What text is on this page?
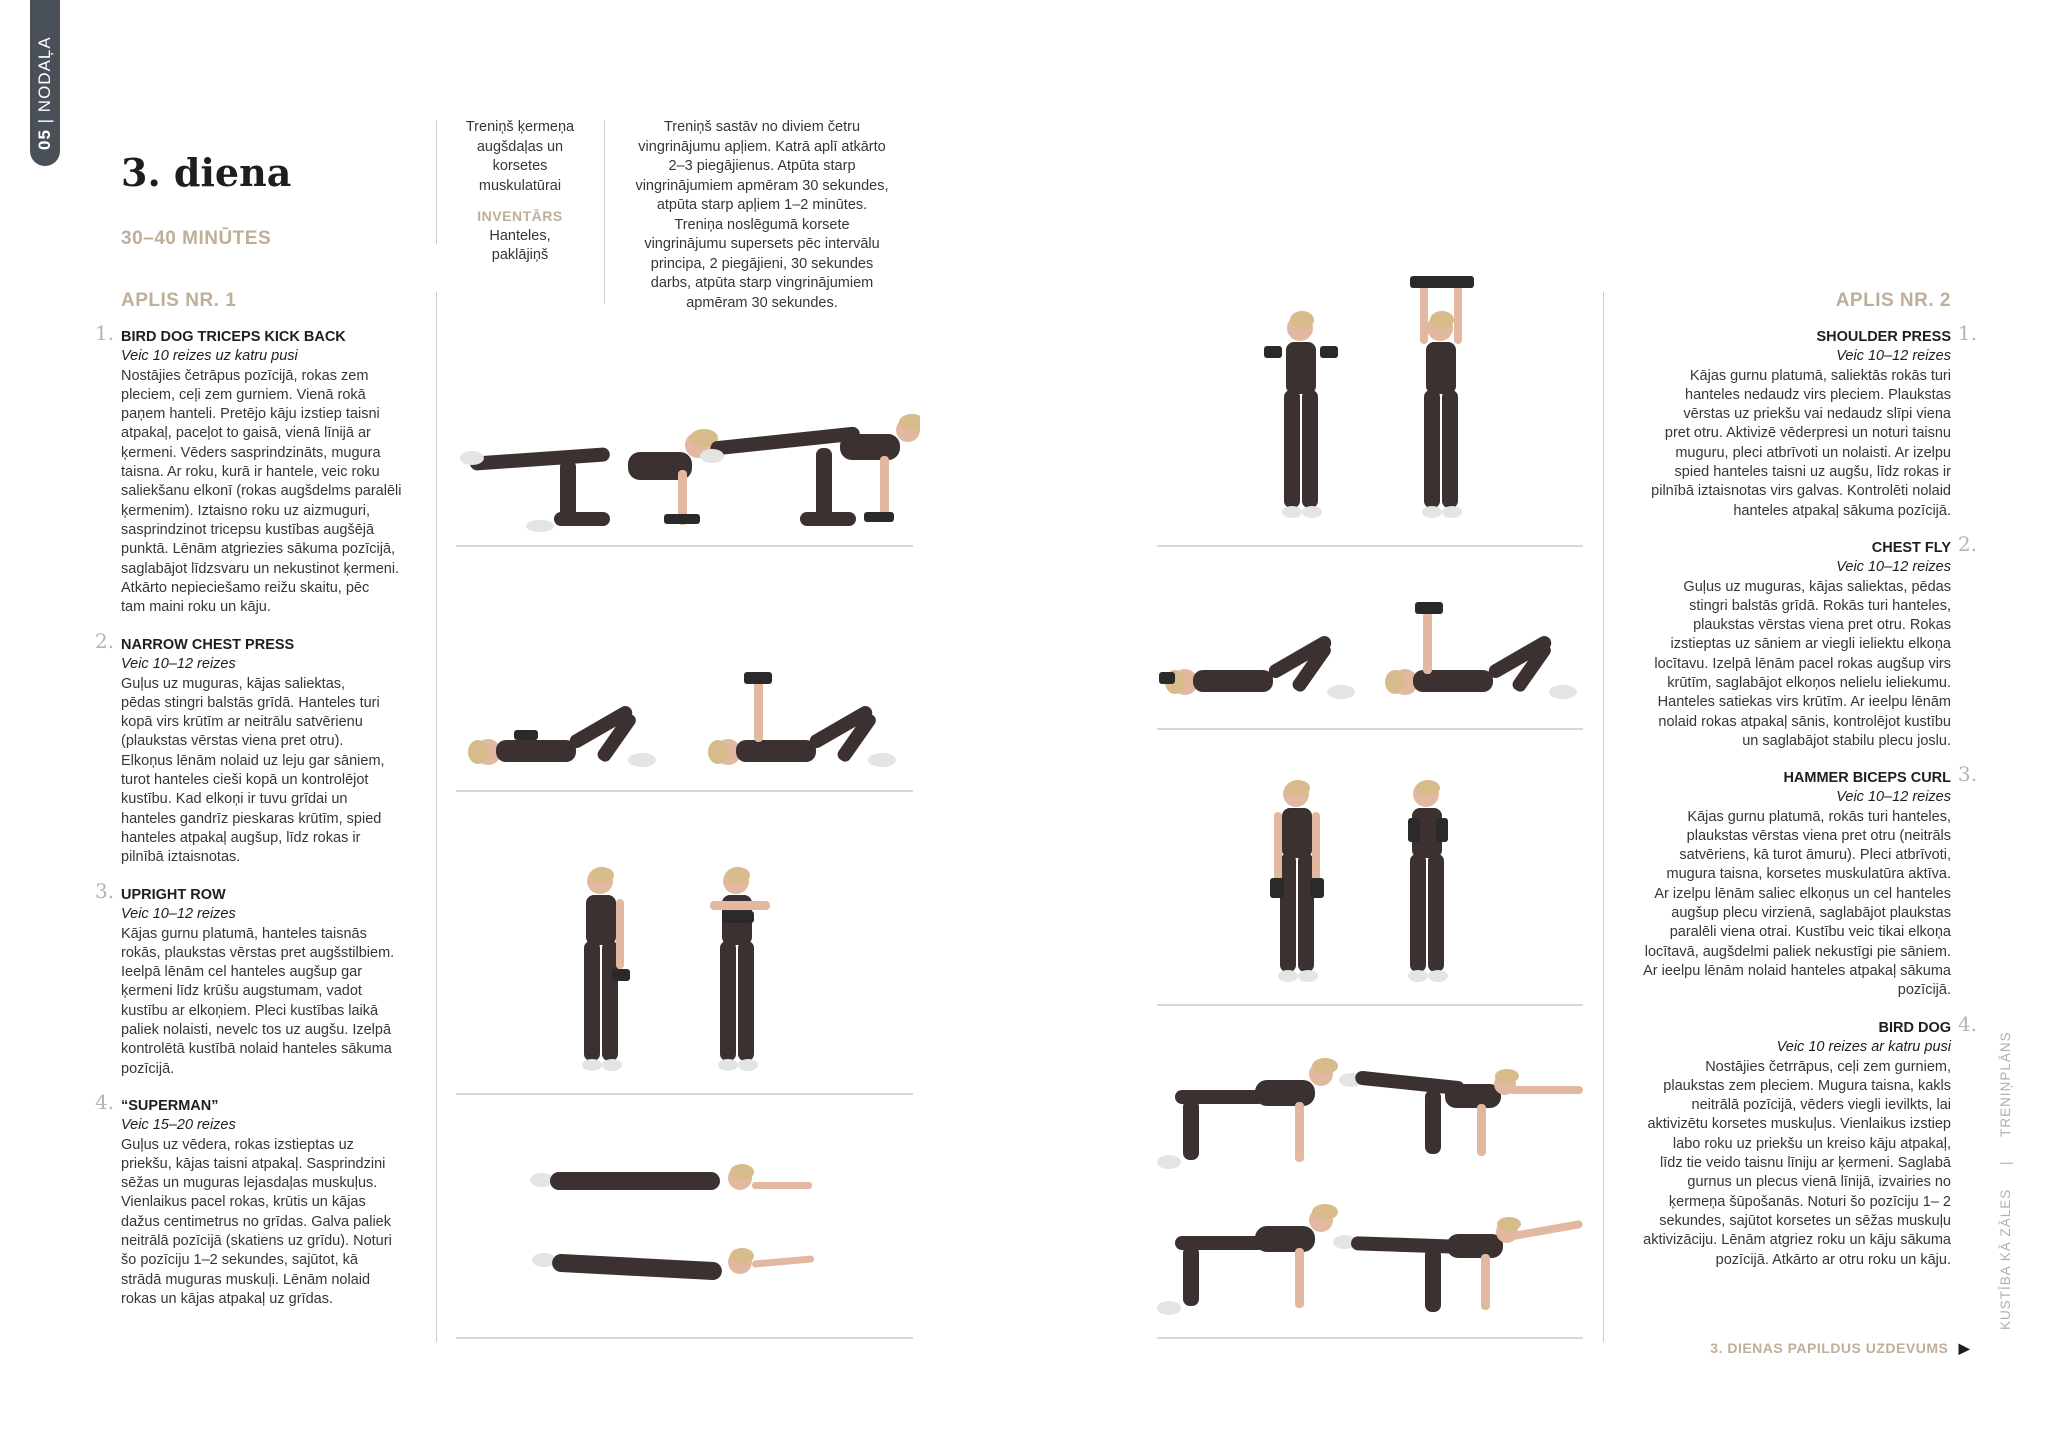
05 | NODAĻA
3. diena
30–40 MINŪTES
Treniņš ķermeņa
augšdaļas un
korsetes
muskulatūrai
INVENTĀRS
Hanteles,
paklājiņš
Treniņš sastāv no diviem četru
vingrinājumu apļiem. Katrā aplī atkārto
2–3 piegājienus. Atpūta starp
vingrinājumiem apmēram 30 sekundes,
atpūta starp apļiem 1–2 minūtes.
Treniņa noslēgumā korsete
vingrinājumu supersets pēc intervālu
principa, 2 piegājieni, 30 sekundes
darbs, atpūta starp vingrinājumiem
apmēram 30 sekundes.
APLIS NR. 1	APLIS NR. 2
1. BIRD DOG TRICEPS KICK BACK
Veic 10 reizes uz katru pusi
Nostājies četrāpus pozīcijā, rokas zem
pleciem, ceļi zem gurniem. Vienā rokā
paņem hanteli. Pretējo kāju izstiep taisni
atpakaļ, paceļot to gaisā, vienā līnijā ar
ķermeni. Vēders sasprindzināts, mugura
taisna. Ar roku, kurā ir hantele, veic roku
saliekšanu elkonī (rokas augšdelms paralēli
ķermenim). Iztaisno roku uz aizmuguri,
sasprindzinot tricepsu kustības augšējā
punktā. Lēnām atgriezies sākuma pozīcijā,
saglabājot līdzsvaru un nekustinot ķermeni.
Atkārto nepieciešamo reižu skaitu, pēc
tam maini roku un kāju.
2. NARROW CHEST PRESS
Veic 10–12 reizes
Guļus uz muguras, kājas saliektas,
pēdas stingri balstās grīdā. Hanteles turi
kopā virs krūtīm ar neitrālu satvērienu
(plaukstas vērstas viena pret otru).
Elkoņus lēnām nolaid uz leju gar sāniem,
turot hanteles cieši kopā un kontrolējot
kustību. Kad elkoņi ir tuvu grīdai un
hanteles gandrīz pieskaras krūtīm, spied
hanteles atpakaļ augšup, līdz rokas ir
pilnībā iztaisnotas.
3. UPRIGHT ROW
Veic 10–12 reizes
Kājas gurnu platumā, hanteles taisnās
rokās, plaukstas vērstas pret augšstilbiem.
Ieelpā lēnām cel hanteles augšup gar
ķermeni līdz krūšu augstumam, vadot
kustību ar elkoņiem. Pleci kustības laikā
paliek nolaisti, nevelc tos uz augšu. Izelpā
kontrolētā kustībā nolaid hanteles sākuma
pozīcijā.
4. “SUPERMAN”
Veic 15–20 reizes
Guļus uz vēdera, rokas izstieptas uz
priekšu, kājas taisni atpakaļ. Sasprindzini
sēžas un muguras lejasdaļas muskuļus.
Vienlaikus pacel rokas, krūtis un kājas
dažus centimetrus no grīdas. Galva paliek
neitrālā pozīcijā (skatiens uz grīdu). Noturi
šo pozīciju 1–2 sekundes, sajūtot, kā
strādā muguras muskuļi. Lēnām nolaid
rokas un kājas atpakaļ uz grīdas.
1.
SHOULDER PRESS
Veic 10–12 reizes
Kājas gurnu platumā, saliektās rokās turi
hanteles nedaudz virs pleciem. Plaukstas
vērstas uz priekšu vai nedaudz slīpi viena
pret otru. Aktivizē vēderpresi un noturi taisnu
muguru, pleci atbrīvoti un nolaisti. Ar izelpu
spied hanteles taisni uz augšu, līdz rokas ir
pilnībā iztaisnotas virs galvas. Kontrolēti nolaid
hanteles atpakaļ sākuma pozīcijā.
2.
CHEST FLY
Veic 10–12 reizes
Guļus uz muguras, kājas saliektas, pēdas
stingri balstās grīdā. Rokās turi hanteles,
plaukstas vērstas viena pret otru. Rokas
izstieptas uz sāniem ar viegli ieliektu elkoņa
locītavu. Izelpā lēnām pacel rokas augšup virs
krūtīm, saglabājot elkoņos nelielu ieliekumu.
Hanteles satiekas virs krūtīm. Ar ieelpu lēnām
nolaid rokas atpakaļ sānis, kontrolējot kustību
un saglabājot stabilu plecu joslu.
3.
HAMMER BICEPS CURL
Veic 10–12 reizes
Kājas gurnu platumā, rokās turi hanteles,
plaukstas vērstas viena pret otru (neitrāls
satvēriens, kā turot āmuru). Pleci atbrīvoti,
mugura taisna, korsetes muskulatūra aktīva.
Ar izelpu lēnām saliec elkoņus un cel hanteles
augšup plecu virzienā, saglabājot plaukstas
paralēli viena otrai. Kustību veic tikai elkoņa
locītavā, augšdelmi paliek nekustīgi pie sāniem.
Ar ieelpu lēnām nolaid hanteles atpakaļ sākuma
pozīcijā.
4.
BIRD DOG
Veic 10 reizes ar katru pusi
Nostājies četrrāpus, ceļi zem gurniem,
plaukstas zem pleciem. Mugura taisna, kakls
neitrālā pozīcijā, vēders viegli ievilkts, lai
aktivizētu korsetes muskuļus. Vienlaikus izstiep
labo roku uz priekšu un kreiso kāju atpakaļ,
līdz tie veido taisnu līniju ar ķermeni. Saglabā
gurnus un plecus vienā līnijā, izvairies no
ķermeņa šūpošanās. Noturi šo pozīciju 1– 2
sekundes, sajūtot korsetes un sēžas muskuļu
aktivizāciju. Lēnām atgriez roku un kāju sākuma
pozīcijā. Atkārto ar otru roku un kāju.	KUSTĪBA KĀ ZĀLES     |     TRENIŅPLĀNS
3. DIENAS PAPILDUS UZDEVUMS ▶
